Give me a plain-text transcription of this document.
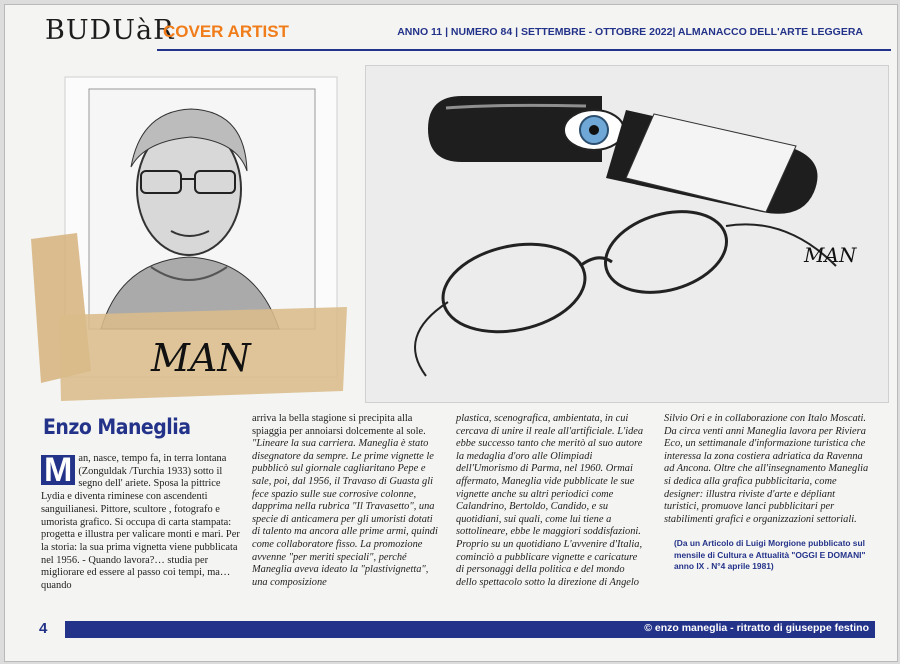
BUDUàR
COVER ARTIST	ANNO 11 | NUMERO 84 | SETTEMBRE - OTTOBRE 2022| ALMANACCO DELL'ARTE LEGGERA
MAN
MAN
Enzo Maneglia
M an, nasce, tempo fa, in terra lontana (Zonguldak /Turchia 1933) sotto il segno dell' ariete. Sposa la pittrice Lydia e diventa riminese con ascendenti sanguilianesi. Pittore, scultore , fotografo e umorista grafico. Si occupa di carta stampata: progetta e illustra per valicare monti e mari. Per la storia: la sua prima vignetta viene pubblicata nel 1956. - Quando lavora?… studia per migliorare ed essere al passo coi tempi, ma… quando

arriva la bella stagione si precipita alla spiaggia per annoiarsi dolcemente al sole.

"Lineare la sua carriera. Maneglia è stato disegnatore da sempre. Le prime vignette le pubblicò sul giornale cagliaritano Pepe e sale, poi, dal 1956, il Travaso di Guasta gli fece spazio sulle sue corrosive colonne, dapprima nella rubrica "Il Travasetto", una specie di anticamera per gli umoristi dotati di talento ma ancora alle prime armi, quindi come collaboratore fisso. La promozione avvenne "per meriti speciali", perché Maneglia aveva ideato la "plastivignetta", una composizione

plastica, scenografica, ambientata, in cui cercava di unire il reale all'artificiale. L'idea ebbe successo tanto che meritò al suo autore la medaglia d'oro alle Olimpiadi dell'Umorismo di Parma, nel 1960. Ormai affermato, Maneglia vide pubblicate le sue vignette anche su altri periodici come Calandrino, Bertoldo, Candido, e su quotidiani, sui quali, come lui tiene a sottolineare, ebbe le maggiori soddisfazioni. Proprio su un quotidiano L'avvenire d'Italia, cominciò a pubblicare vignette e caricature di personaggi della politica e del mondo dello spettacolo sotto la direzione di Angelo

Silvio Ori e in collaborazione con Italo Moscati. Da circa venti anni Maneglia lavora per Riviera Eco, un settimanale d'informazione turistica che interessa la zona costiera adriatica da Ravenna ad Ancona. Oltre che all'insegnamento Maneglia si dedica alla grafica pubblicitaria, come designer: illustra riviste d'arte e dépliant turistici, promuove lanci pubblicitari per stabilimenti grafici e organizzazioni settoriali.

(Da un Articolo di Luigi Morgione pubblicato sul mensile di Cultura e Attualità "OGGI E DOMANI" anno IX . N°4 aprile 1981)

4	© enzo maneglia - ritratto di giuseppe festino
